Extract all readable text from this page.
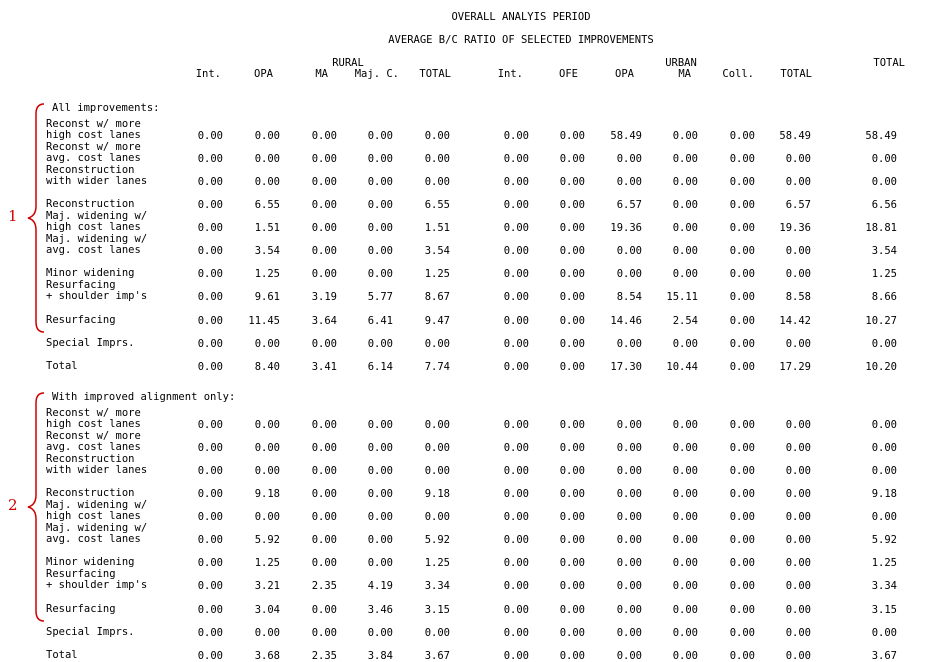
OVERALL ANALYIS PERIOD
AVERAGE B/C RATIO OF SELECTED IMPROVEMENTS
RURAL	URBAN	TOTAL
Int.	OPA	MA	Maj. C.	TOTAL	Int.	OFE	OPA	MA	Coll.	TOTAL
All improvements:
Reconst w/ more
high cost lanes	0.00	0.00	0.00	0.00	0.00	0.00	0.00	58.49	0.00	0.00	58.49	58.49
Reconst w/ more
avg. cost lanes	0.00	0.00	0.00	0.00	0.00	0.00	0.00	0.00	0.00	0.00	0.00	0.00
Reconstruction
with wider lanes	0.00	0.00	0.00	0.00	0.00	0.00	0.00	0.00	0.00	0.00	0.00	0.00
Reconstruction	0.00	6.55	0.00	0.00	6.55	0.00	0.00	6.57	0.00	0.00	6.57	6.56
Maj. widening w/
high cost lanes	0.00	1.51	0.00	0.00	1.51	0.00	0.00	19.36	0.00	0.00	19.36	18.81
Maj. widening w/
avg. cost lanes	0.00	3.54	0.00	0.00	3.54	0.00	0.00	0.00	0.00	0.00	0.00	3.54
Minor widening	0.00	1.25	0.00	0.00	1.25	0.00	0.00	0.00	0.00	0.00	0.00	1.25
Resurfacing
+ shoulder imp's	0.00	9.61	3.19	5.77	8.67	0.00	0.00	8.54	15.11	0.00	8.58	8.66
Resurfacing	0.00	11.45	3.64	6.41	9.47	0.00	0.00	14.46	2.54	0.00	14.42	10.27
Special Imprs.	0.00	0.00	0.00	0.00	0.00	0.00	0.00	0.00	0.00	0.00	0.00	0.00
Total	0.00	8.40	3.41	6.14	7.74	0.00	0.00	17.30	10.44	0.00	17.29	10.20
With improved alignment only:
Reconst w/ more
high cost lanes	0.00	0.00	0.00	0.00	0.00	0.00	0.00	0.00	0.00	0.00	0.00	0.00
Reconst w/ more
avg. cost lanes	0.00	0.00	0.00	0.00	0.00	0.00	0.00	0.00	0.00	0.00	0.00	0.00
Reconstruction
with wider lanes	0.00	0.00	0.00	0.00	0.00	0.00	0.00	0.00	0.00	0.00	0.00	0.00
Reconstruction	0.00	9.18	0.00	0.00	9.18	0.00	0.00	0.00	0.00	0.00	0.00	9.18
Maj. widening w/
high cost lanes	0.00	0.00	0.00	0.00	0.00	0.00	0.00	0.00	0.00	0.00	0.00	0.00
Maj. widening w/
avg. cost lanes	0.00	5.92	0.00	0.00	5.92	0.00	0.00	0.00	0.00	0.00	0.00	5.92
Minor widening	0.00	1.25	0.00	0.00	1.25	0.00	0.00	0.00	0.00	0.00	0.00	1.25
Resurfacing
+ shoulder imp's	0.00	3.21	2.35	4.19	3.34	0.00	0.00	0.00	0.00	0.00	0.00	3.34
Resurfacing	0.00	3.04	0.00	3.46	3.15	0.00	0.00	0.00	0.00	0.00	0.00	3.15
Special Imprs.	0.00	0.00	0.00	0.00	0.00	0.00	0.00	0.00	0.00	0.00	0.00	0.00
Total	0.00	3.68	2.35	3.84	3.67	0.00	0.00	0.00	0.00	0.00	0.00	3.67
1
2
